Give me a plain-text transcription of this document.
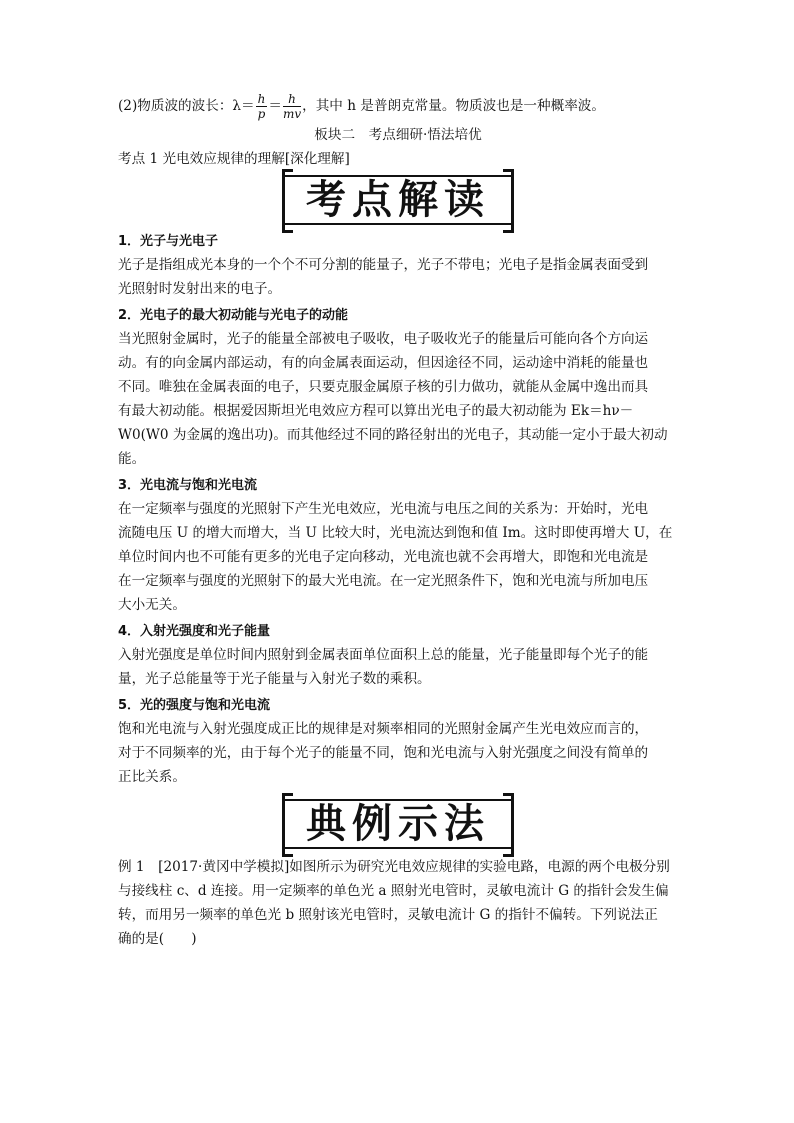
(2)物质波的波长：$\lambda= \frac{h}{p} = \frac{h}{mv}$ ，其中 h 是普朗克常量。物质波也是一种概率波。
板块二　考点细研·悟法培优
考点 1 光电效应规律的理解[深化理解]
考点解读
1．光子与光电子
光子是指组成光本身的一个个不可分割的能量子，光子不带电；光电子是指金属表面受到
光照射时发射出来的电子。
2．光电子的最大初动能与光电子的动能
当光照射金属时，光子的能量全部被电子吸收，电子吸收光子的能量后可能向各个方向运
动。有的向金属内部运动，有的向金属表面运动，但因途径不同，运动途中消耗的能量也
不同。唯独在金属表面的电子，只要克服金属原子核的引力做功，就能从金属中逸出而具
有最大初动能。根据爱因斯坦光电效应方程可以算出光电子的最大初动能为 Ek＝hν－
W0(W0 为金属的逸出功)。而其他经过不同的路径射出的光电子，其动能一定小于最大初动
能。
3．光电流与饱和光电流
在一定频率与强度的光照射下产生光电效应，光电流与电压之间的关系为：开始时，光电
流随电压 U 的增大而增大，当 U 比较大时，光电流达到饱和值 Im。这时即使再增大 U，在
单位时间内也不可能有更多的光电子定向移动，光电流也就不会再增大，即饱和光电流是
在一定频率与强度的光照射下的最大光电流。在一定光照条件下，饱和光电流与所加电压
大小无关。
4．入射光强度和光子能量
入射光强度是单位时间内照射到金属表面单位面积上总的能量，光子能量即每个光子的能
量，光子总能量等于光子能量与入射光子数的乘积。
5．光的强度与饱和光电流
饱和光电流与入射光强度成正比的规律是对频率相同的光照射金属产生光电效应而言的，
对于不同频率的光，由于每个光子的能量不同，饱和光电流与入射光强度之间没有简单的
正比关系。
典例示法
例 1　[2017·黄冈中学模拟]如图所示为研究光电效应规律的实验电路，电源的两个电极分别
与接线柱 c、d 连接。用一定频率的单色光 a 照射光电管时，灵敏电流计 G 的指针会发生偏
转，而用另一频率的单色光 b 照射该光电管时，灵敏电流计 G 的指针不偏转。下列说法正
确的是(　　)
